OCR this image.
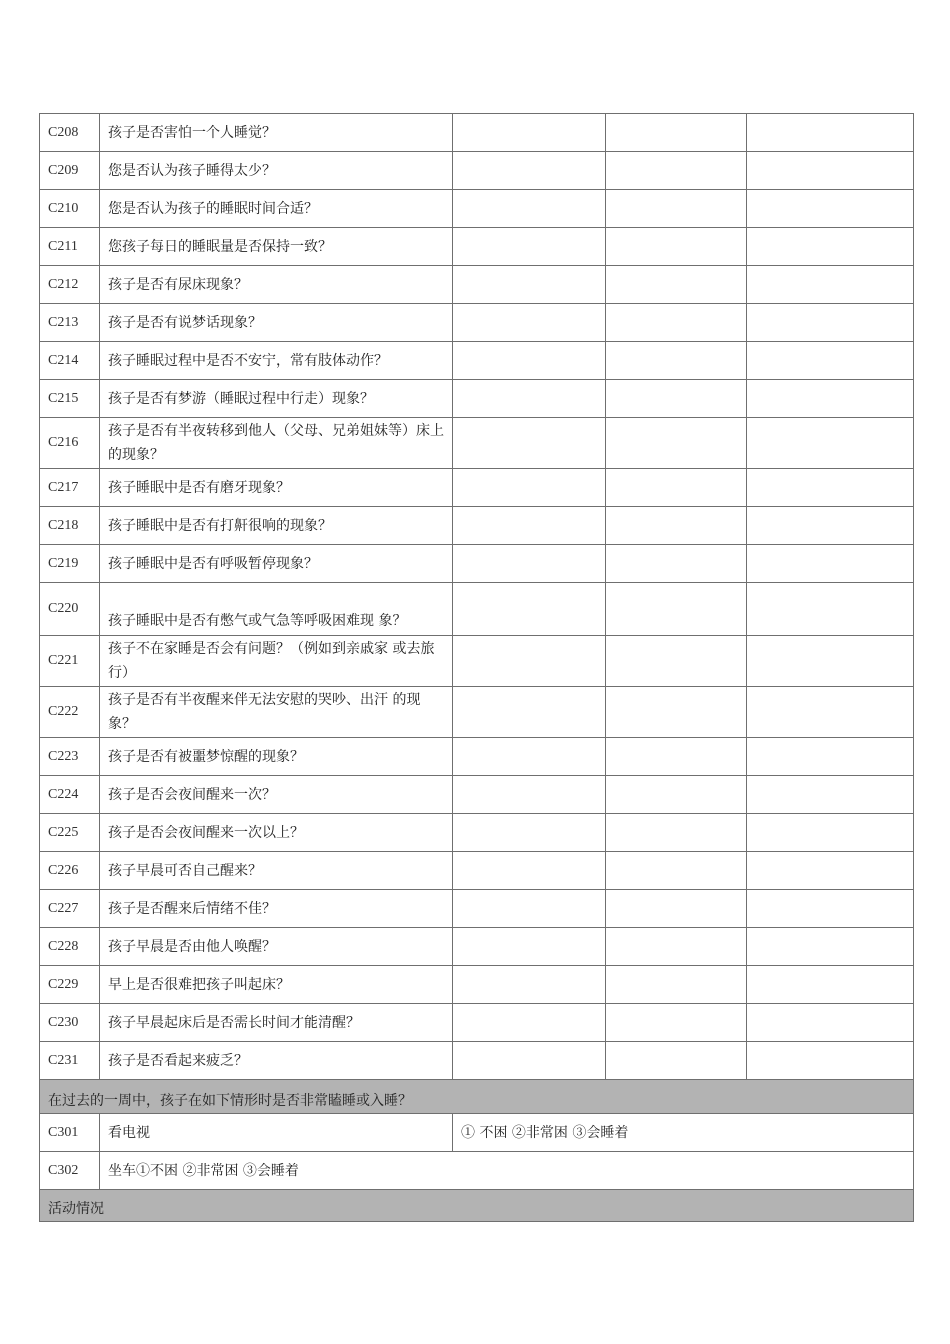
C208	孩子是否害怕一个人睡觉？			
C209	您是否认为孩子睡得太少？			
C210	您是否认为孩子的睡眠时间合适？			
C211	您孩子每日的睡眠量是否保持一致？			
C212	孩子是否有尿床现象？			
C213	孩子是否有说梦话现象？			
C214	孩子睡眠过程中是否不安宁，常有肢体动作？			
C215	孩子是否有梦游（睡眠过程中行走）现象？			
C216	孩子是否有半夜转移到他人（父母、兄弟姐妹等）床上的现象？			
C217	孩子睡眠中是否有磨牙现象？			
C218	孩子睡眠中是否有打鼾很响的现象？			
C219	孩子睡眠中是否有呼吸暂停现象？			
C220	孩子睡眠中是否有憋气或气急等呼吸困难现 象？			
C221	孩子不在家睡是否会有问题？（例如到亲戚家 或去旅行）			
C222	孩子是否有半夜醒来伴无法安慰的哭吵、出汗 的现象？			
C223	孩子是否有被噩梦惊醒的现象？			
C224	孩子是否会夜间醒来一次？			
C225	孩子是否会夜间醒来一次以上？			
C226	孩子早晨可否自己醒来？			
C227	孩子是否醒来后情绪不佳？			
C228	孩子早晨是否由他人唤醒？			
C229	早上是否很难把孩子叫起床？			
C230	孩子早晨起床后是否需长时间才能清醒？			
C231	孩子是否看起来疲乏？			
在过去的一周中，孩子在如下情形时是否非常瞌睡或入睡？				
C301	看电视	① 不困 ②非常困 ③会睡着		
C302	坐车①不困 ②非常困 ③会睡着			
活动情况				
